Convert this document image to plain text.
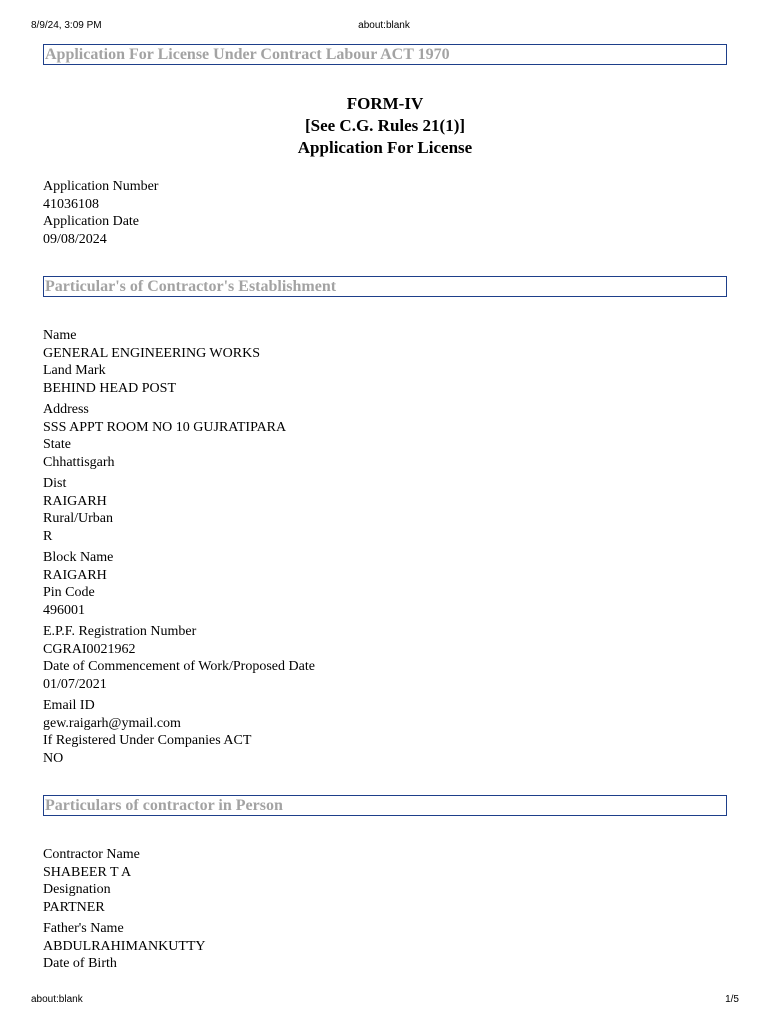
8/9/24, 3:09 PM	about:blank
Application For License Under Contract Labour ACT 1970
FORM-IV
[See C.G. Rules 21(1)]
Application For License
Application Number
41036108
Application Date
09/08/2024
Particular's of Contractor's Establishment
Name
GENERAL ENGINEERING WORKS
Land Mark
BEHIND HEAD POST
Address
SSS APPT ROOM NO 10 GUJRATIPARA
State
Chhattisgarh
Dist
RAIGARH
Rural/Urban
R
Block Name
RAIGARH
Pin Code
496001
E.P.F. Registration Number
CGRAI0021962
Date of Commencement of Work/Proposed Date
01/07/2021
Email ID
gew.raigarh@ymail.com
If Registered Under Companies ACT
NO
Particulars of contractor in Person
Contractor Name
SHABEER T A
Designation
PARTNER
Father's Name
ABDULRAHIMANKUTTY
Date of Birth
about:blank	1/5
